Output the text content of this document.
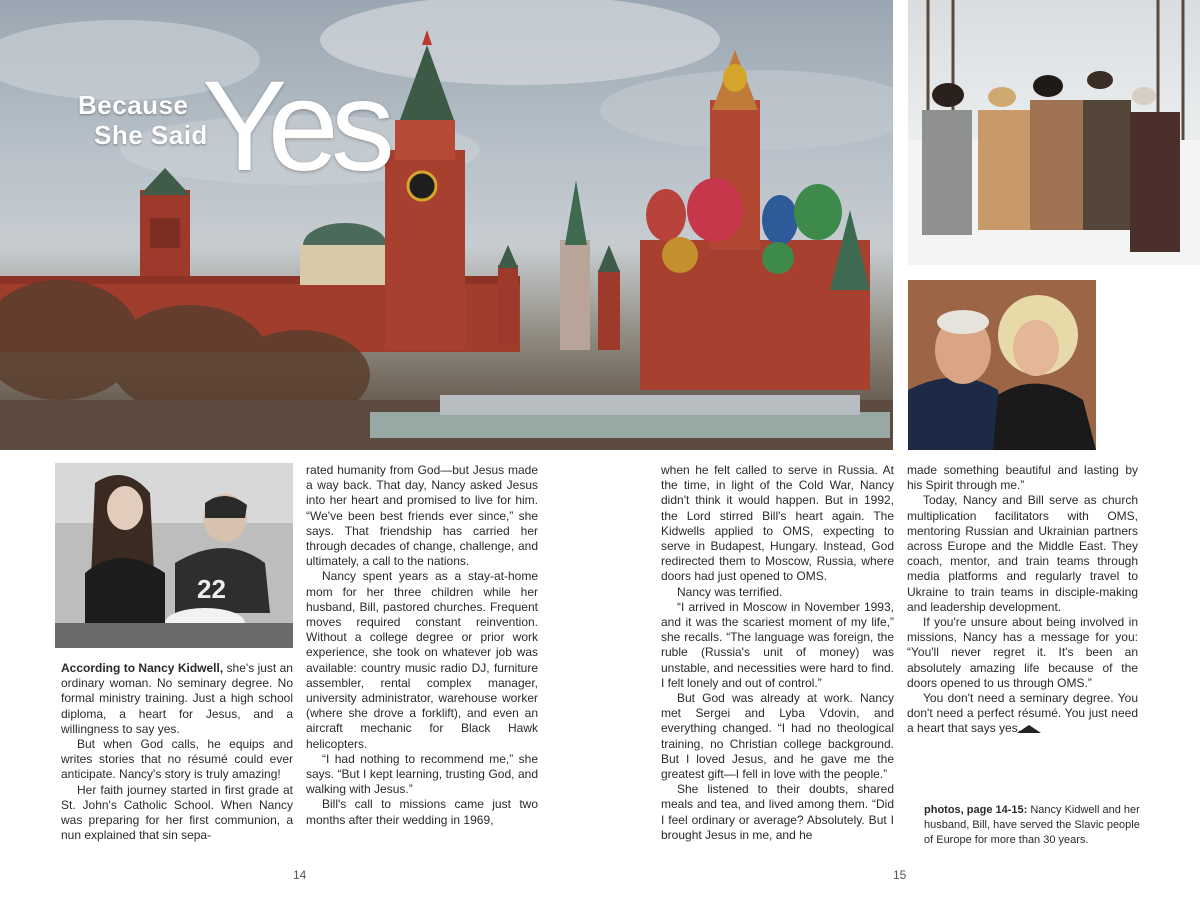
Because
She Said
Yes
22

According to Nancy Kidwell, she's just an ordinary woman. No seminary degree. No formal ministry training. Just a high school diploma, a heart for Jesus, and a willingness to say yes.

But when God calls, he equips and writes stories that no résumé could ever anticipate. Nancy's story is truly amazing!

Her faith journey started in first grade at St. John's Catholic School. When Nancy was preparing for her first communion, a nun explained that sin sepa-

rated humanity from God—but Jesus made a way back. That day, Nancy asked Jesus into her heart and promised to live for him. “We've been best friends ever since,” she says. That friendship has carried her through decades of change, challenge, and ultimately, a call to the nations.

Nancy spent years as a stay-at-home mom for her three children while her husband, Bill, pastored churches. Frequent moves required constant reinvention. Without a college degree or prior work experience, she took on whatever job was available: country music radio DJ, furniture assembler, rental complex manager, university administrator, warehouse worker (where she drove a forklift), and even an aircraft mechanic for Black Hawk helicopters.

“I had nothing to recommend me,” she says. “But I kept learning, trusting God, and walking with Jesus.”

Bill's call to missions came just two months after their wedding in 1969,

when he felt called to serve in Russia. At the time, in light of the Cold War, Nancy didn't think it would happen. But in 1992, the Lord stirred Bill's heart again. The Kidwells applied to OMS, expecting to serve in Budapest, Hungary. Instead, God redirected them to Moscow, Russia, where doors had just opened to OMS.

Nancy was terrified.

“I arrived in Moscow in November 1993, and it was the scariest moment of my life,” she recalls. “The language was foreign, the ruble (Russia's unit of money) was unstable, and necessities were hard to find. I felt lonely and out of control.”

But God was already at work. Nancy met Sergei and Lyba Vdovin, and everything changed. “I had no theological training, no Christian college background. But I loved Jesus, and he gave me the greatest gift—I fell in love with the people.”

She listened to their doubts, shared meals and tea, and lived among them. “Did I feel ordinary or average? Absolutely. But I brought Jesus in me, and he

made something beautiful and lasting by his Spirit through me.”

Today, Nancy and Bill serve as church multiplication facilitators with OMS, mentoring Russian and Ukrainian partners across Europe and the Middle East. They coach, mentor, and train teams through media platforms and regularly travel to Ukraine to train teams in disciple-making and leadership development.

If you're unsure about being involved in missions, Nancy has a message for you: “You'll never regret it. It's been an absolutely amazing life because of the doors opened to us through OMS.”

You don't need a seminary degree. You don't need a perfect résumé. You just need a heart that says yes.

photos, page 14-15: Nancy Kidwell and her husband, Bill, have served the Slavic people of Europe for more than 30 years.
14	15
